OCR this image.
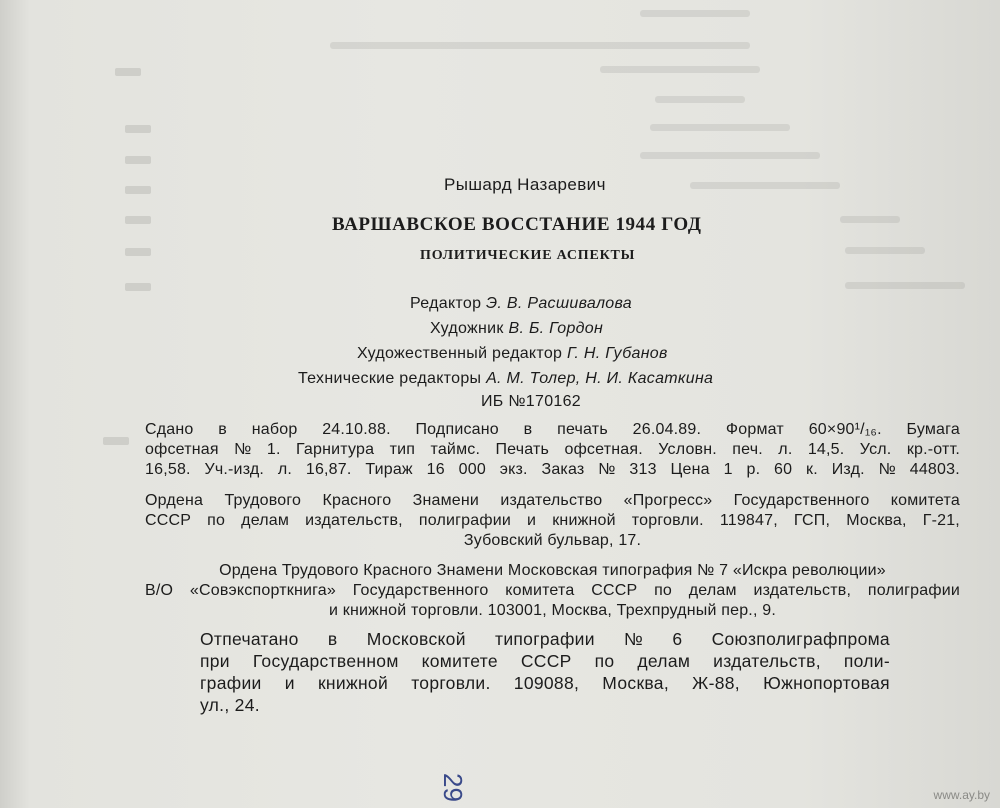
Рышард Назаревич
ВАРШАВСКОЕ ВОССТАНИЕ 1944 ГОД
ПОЛИТИЧЕСКИЕ АСПЕКТЫ
Редактор Э. В. Расшивалова
Художник В. Б. Гордон
Художественный редактор Г. Н. Губанов
Технические редакторы А. М. Толер, Н. И. Касаткина
ИБ №170162
Сдано в набор 24.10.88. Подписано в печать 26.04.89. Формат 60×90¹/₁₆. Бумага
офсетная № 1. Гарнитура тип таймс. Печать офсетная. Условн. печ. л. 14,5. Усл. кр.-отт.
16,58. Уч.-изд. л. 16,87. Тираж 16 000 экз. Заказ № 313 Цена 1 р. 60 к. Изд. № 44803.
Ордена Трудового Красного Знамени издательство «Прогресс» Государственного комитета
СССР по делам издательств, полиграфии и книжной торговли. 119847, ГСП, Москва, Г-21,
Зубовский бульвар, 17.
Ордена Трудового Красного Знамени Московская типография № 7 «Искра революции»
В/О «Совэкспорткнига» Государственного комитета СССР по делам издательств, полиграфии
и книжной торговли. 103001, Москва, Трехпрудный пер., 9.
Отпечатано в Московской типографии № 6 Союзполиграфпрома
при Государственном комитете СССР по делам издательств, поли-
графии и книжной торговли. 109088, Москва, Ж-88, Южнопортовая
ул., 24.
29	www.ay.by
